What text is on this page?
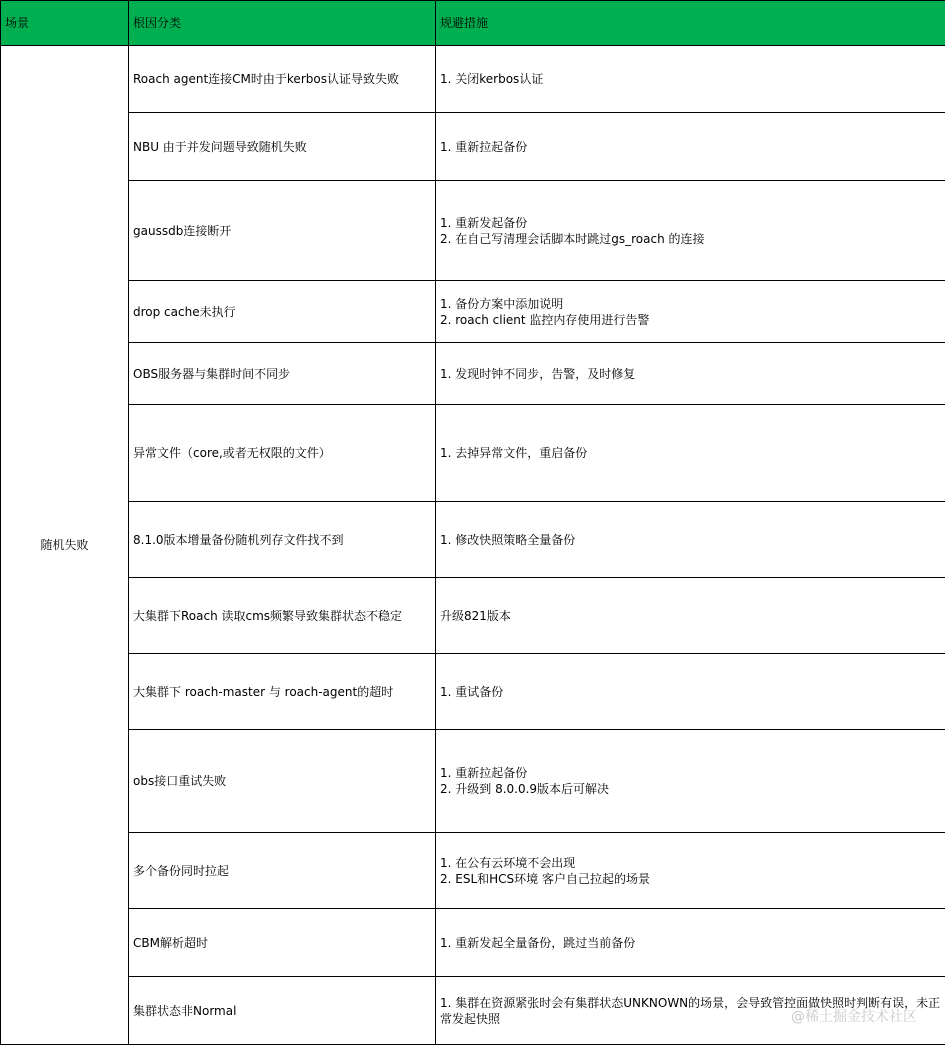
场景	根因分类	规避措施
随机失败	Roach agent连接CM时由于kerbos认证导致失败	1. 关闭kerbos认证

	NBU 由于并发问题导致随机失败	1. 重新拉起备份

	gaussdb连接断开	1. 重新发起备份
2. 在自己写清理会话脚本时跳过gs_roach 的连接

	drop cache未执行	1. 备份方案中添加说明
2. roach client 监控内存使用进行告警

	OBS服务器与集群时间不同步	1. 发现时钟不同步，告警，及时修复

	异常文件（core,或者无权限的文件）	1. 去掉异常文件，重启备份

	8.1.0版本增量备份随机列存文件找不到	1. 修改快照策略全量备份

	大集群下Roach 读取cms频繁导致集群状态不稳定	升级821版本

	大集群下 roach-master 与 roach-agent的超时	1. 重试备份

	obs接口重试失败	1. 重新拉起备份
2. 升级到 8.0.0.9版本后可解决

	多个备份同时拉起	1. 在公有云环境不会出现
2. ESL和HCS环境 客户自己拉起的场景

	CBM解析超时	1. 重新发起全量备份，跳过当前备份

	集群状态非Normal	1. 集群在资源紧张时会有集群状态UNKNOWN的场景，会导致管控面做快照时判断有误，未正常发起快照	@稀土掘金技术社区
